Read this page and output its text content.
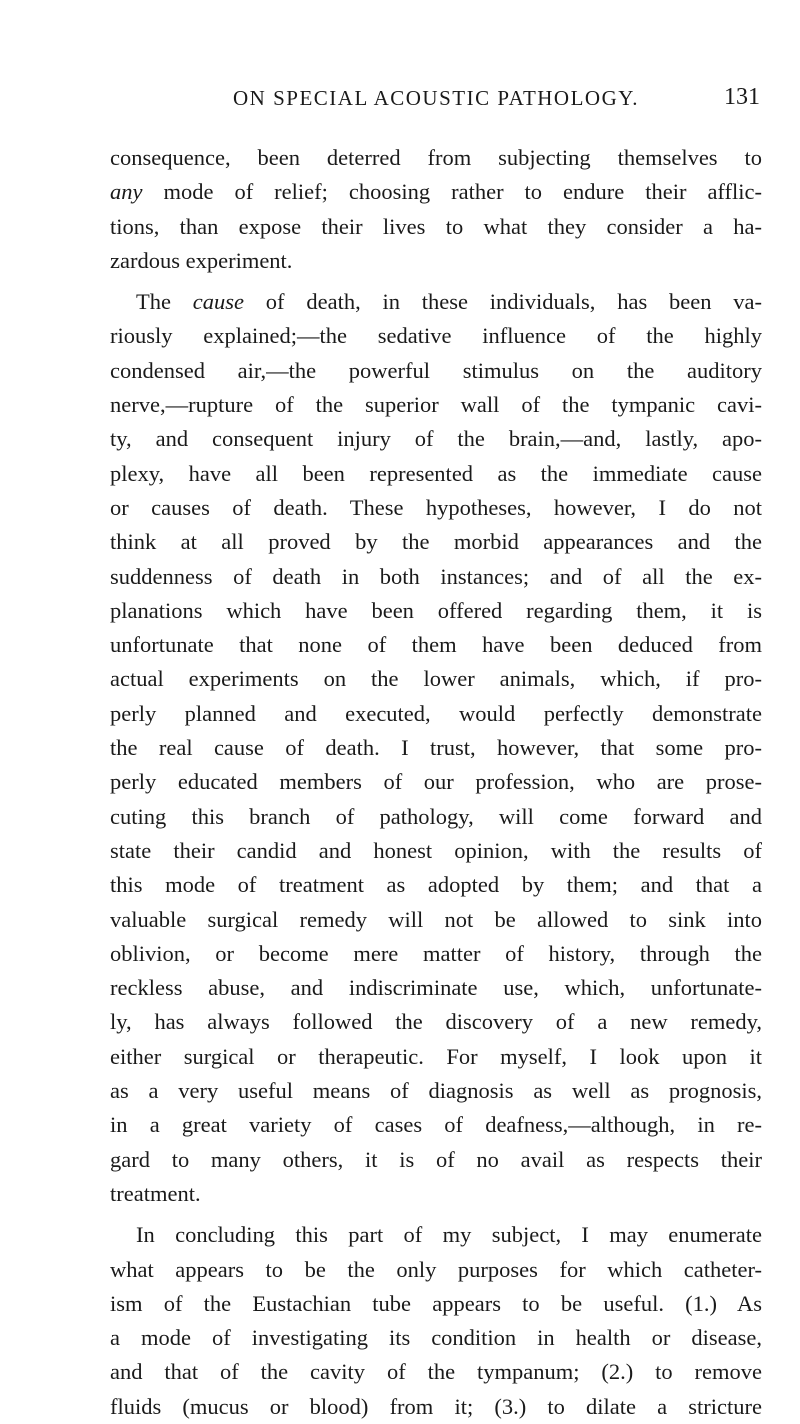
ON SPECIAL ACOUSTIC PATHOLOGY.	131
consequence, been deterred from subjecting themselves to
any mode of relief; choosing rather to endure their afflic-
tions, than expose their lives to what they consider a ha-
zardous experiment.
The cause of death, in these individuals, has been va-
riously explained;—the sedative influence of the highly
condensed air,—the powerful stimulus on the auditory
nerve,—rupture of the superior wall of the tympanic cavi-
ty, and consequent injury of the brain,—and, lastly, apo-
plexy, have all been represented as the immediate cause
or causes of death. These hypotheses, however, I do not
think at all proved by the morbid appearances and the
suddenness of death in both instances; and of all the ex-
planations which have been offered regarding them, it is
unfortunate that none of them have been deduced from
actual experiments on the lower animals, which, if pro-
perly planned and executed, would perfectly demonstrate
the real cause of death. I trust, however, that some pro-
perly educated members of our profession, who are prose-
cuting this branch of pathology, will come forward and
state their candid and honest opinion, with the results of
this mode of treatment as adopted by them; and that a
valuable surgical remedy will not be allowed to sink into
oblivion, or become mere matter of history, through the
reckless abuse, and indiscriminate use, which, unfortunate-
ly, has always followed the discovery of a new remedy,
either surgical or therapeutic. For myself, I look upon it
as a very useful means of diagnosis as well as prognosis,
in a great variety of cases of deafness,—although, in re-
gard to many others, it is of no avail as respects their
treatment.
In concluding this part of my subject, I may enumerate
what appears to be the only purposes for which catheter-
ism of the Eustachian tube appears to be useful. (1.) As
a mode of investigating its condition in health or disease,
and that of the cavity of the tympanum; (2.) to remove
fluids (mucus or blood) from it; (3.) to dilate a stricture
